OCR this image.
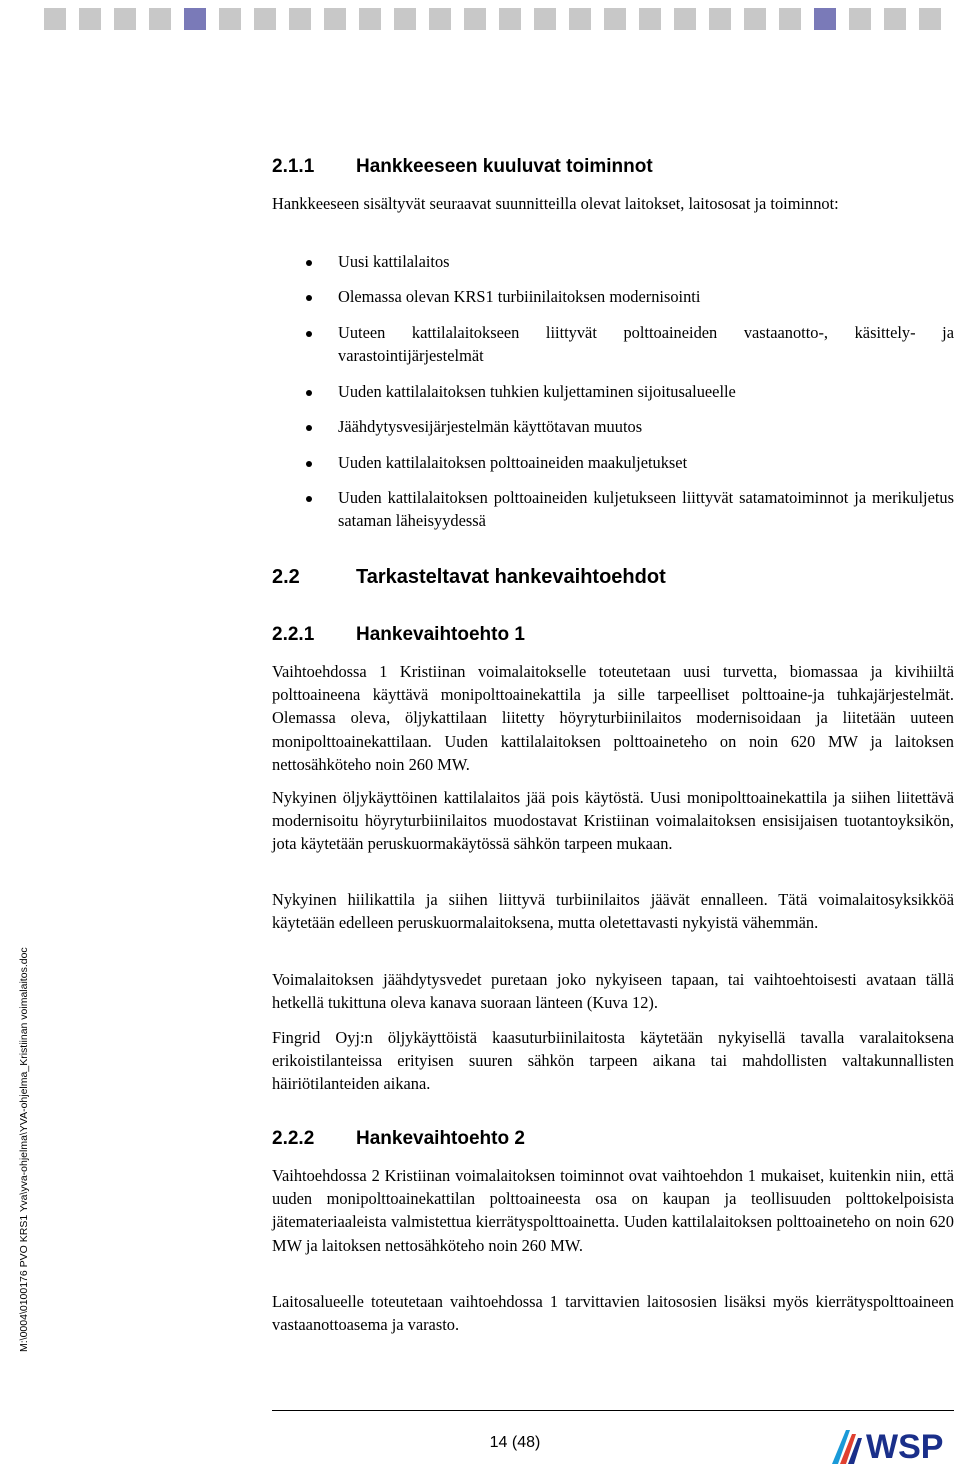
M:\0004\0100176 PVO KRS1 Yva\yva-ohjelma\YVA-ohjelma_Kristiinan voimalaitos.doc
2.1.1 Hankkeeseen kuuluvat toiminnot
Hankkeeseen sisältyvät seuraavat suunnitteilla olevat laitokset, laitososat ja toiminnot:
Uusi kattilalaitos
Olemassa olevan KRS1 turbiinilaitoksen modernisointi
Uuteen kattilalaitokseen liittyvät polttoaineiden vastaanotto-, käsittely- ja varastointijärjestelmät
Uuden kattilalaitoksen tuhkien kuljettaminen sijoitusalueelle
Jäähdytysvesijärjestelmän käyttötavan muutos
Uuden kattilalaitoksen polttoaineiden maakuljetukset
Uuden kattilalaitoksen polttoaineiden kuljetukseen liittyvät satamatoiminnot ja merikuljetus sataman läheisyydessä
2.2	Tarkasteltavat hankevaihtoehdot
2.2.1 Hankevaihtoehto 1
Vaihtoehdossa 1 Kristiinan voimalaitokselle toteutetaan uusi turvetta, biomassaa ja kivihiiltä polttoaineena käyttävä monipolttoainekattila ja sille tarpeelliset polttoaine-ja tuhkajärjestelmät. Olemassa oleva, öljykattilaan liitetty höyryturbiinilaitos modernisoidaan ja liitetään uuteen monipolttoainekattilaan. Uuden kattilalaitoksen polttoaineteho on noin 620 MW ja laitoksen nettosähköteho noin 260 MW.
Nykyinen öljykäyttöinen kattilalaitos jää pois käytöstä. Uusi monipolttoainekattila ja siihen liitettävä modernisoitu höyryturbiinilaitos muodostavat Kristiinan voimalaitoksen ensisijaisen tuotantoyksikön, jota käytetään peruskuormakäytössä sähkön tarpeen mukaan.
Nykyinen hiilikattila ja siihen liittyvä turbiinilaitos jäävät ennalleen. Tätä voimalaitosyksikköä käytetään edelleen peruskuormalaitoksena, mutta oletettavasti nykyistä vähemmän.
Voimalaitoksen jäähdytysvedet puretaan joko nykyiseen tapaan, tai vaihtoehtoisesti avataan tällä hetkellä tukittuna oleva kanava suoraan länteen (Kuva 12).
Fingrid Oyj:n öljykäyttöistä kaasuturbiinilaitosta käytetään nykyisellä tavalla varalaitoksena erikoistilanteissa erityisen suuren sähkön tarpeen aikana tai mahdollisten valtakunnallisten häiriötilanteiden aikana.
2.2.2 Hankevaihtoehto 2
Vaihtoehdossa 2 Kristiinan voimalaitoksen toiminnot ovat vaihtoehdon 1 mukaiset, kuitenkin niin, että uuden monipolttoainekattilan polttoaineesta osa on kaupan ja teollisuuden polttokelpoisista jätemateriaaleista valmistettua kierrätyspolttoainetta. Uuden kattilalaitoksen polttoaineteho on noin 620 MW ja laitoksen nettosähköteho noin 260 MW.
Laitosalueelle toteutetaan vaihtoehdossa 1 tarvittavien laitososien lisäksi myös kierrätyspolttoaineen vastaanottoasema ja varasto.
14 (48)	WSP
